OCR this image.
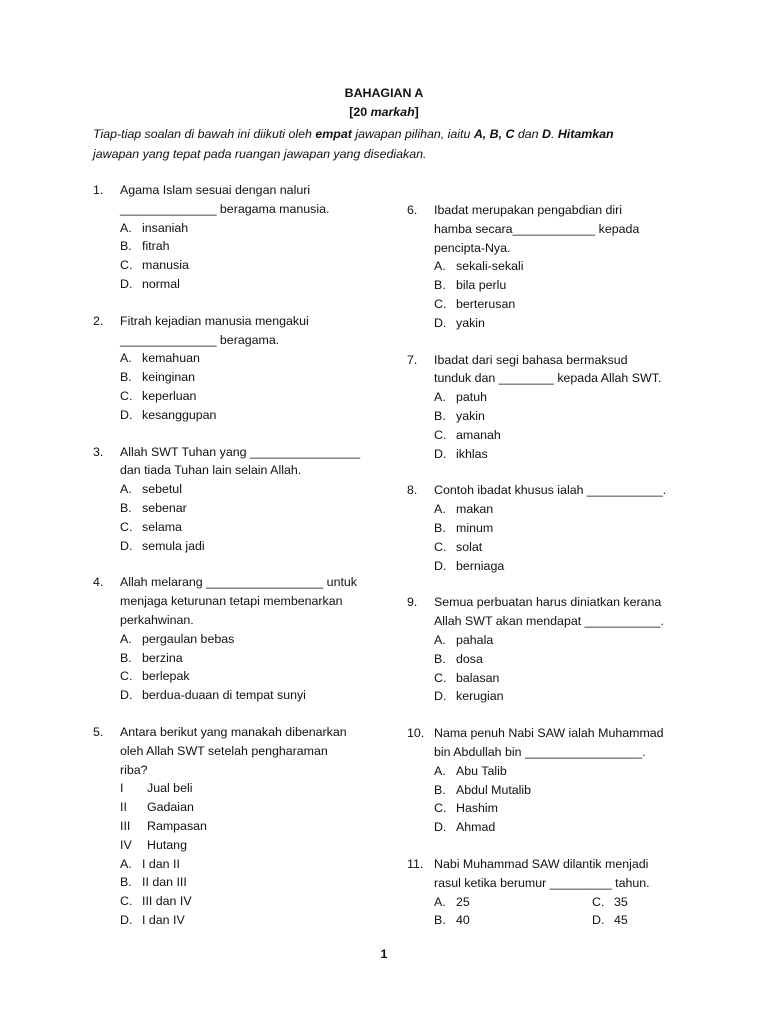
BAHAGIAN A
[20 markah]
Tiap-tiap soalan di bawah ini diikuti oleh empat jawapan pilihan, iaitu A, B, C dan D. Hitamkan jawapan yang tepat pada ruangan jawapan yang disediakan.
1.	Agama Islam sesuai dengan naluri
______________ beragama manusia.
A. insaniah
B. fitrah
C. manusia
D. normal
2.	Fitrah kejadian manusia mengakui
______________ beragama.
A. kemahuan
B. keinginan
C. keperluan
D. kesanggupan
3.	Allah SWT Tuhan yang ________________
dan tiada Tuhan lain selain Allah.
A. sebetul
B. sebenar
C. selama
D. semula jadi
4.	Allah melarang _________________ untuk
menjaga keturunan tetapi membenarkan
perkahwinan.
A. pergaulan bebas
B. berzina
C. berlepak
D. berdua-duaan di tempat sunyi
5.	Antara berikut yang manakah dibenarkan
oleh Allah SWT setelah pengharaman
riba?
I	Jual beli
II	Gadaian
III	Rampasan
IV	Hutang
A. I dan II
B. II dan III
C. III dan IV
D. I dan IV
6.	Ibadat merupakan pengabdian diri
hamba secara____________ kepada
pencipta-Nya.
A. sekali-sekali
B. bila perlu
C. berterusan
D. yakin
7.	Ibadat dari segi bahasa bermaksud
tunduk dan ________ kepada Allah SWT.
A. patuh
B. yakin
C. amanah
D. ikhlas
8.	Contoh ibadat khusus ialah ___________.
A. makan
B. minum
C. solat
D. berniaga
9.	Semua perbuatan harus diniatkan kerana
Allah SWT akan mendapat ___________.
A. pahala
B. dosa
C. balasan
D. kerugian
10. Nama penuh Nabi SAW ialah Muhammad
bin Abdullah bin _________________.
A. Abu Talib
B. Abdul Mutalib
C. Hashim
D. Ahmad
11. Nabi Muhammad SAW dilantik menjadi
rasul ketika berumur _________ tahun.
A. 25	C. 35
B. 40	D. 45
1
